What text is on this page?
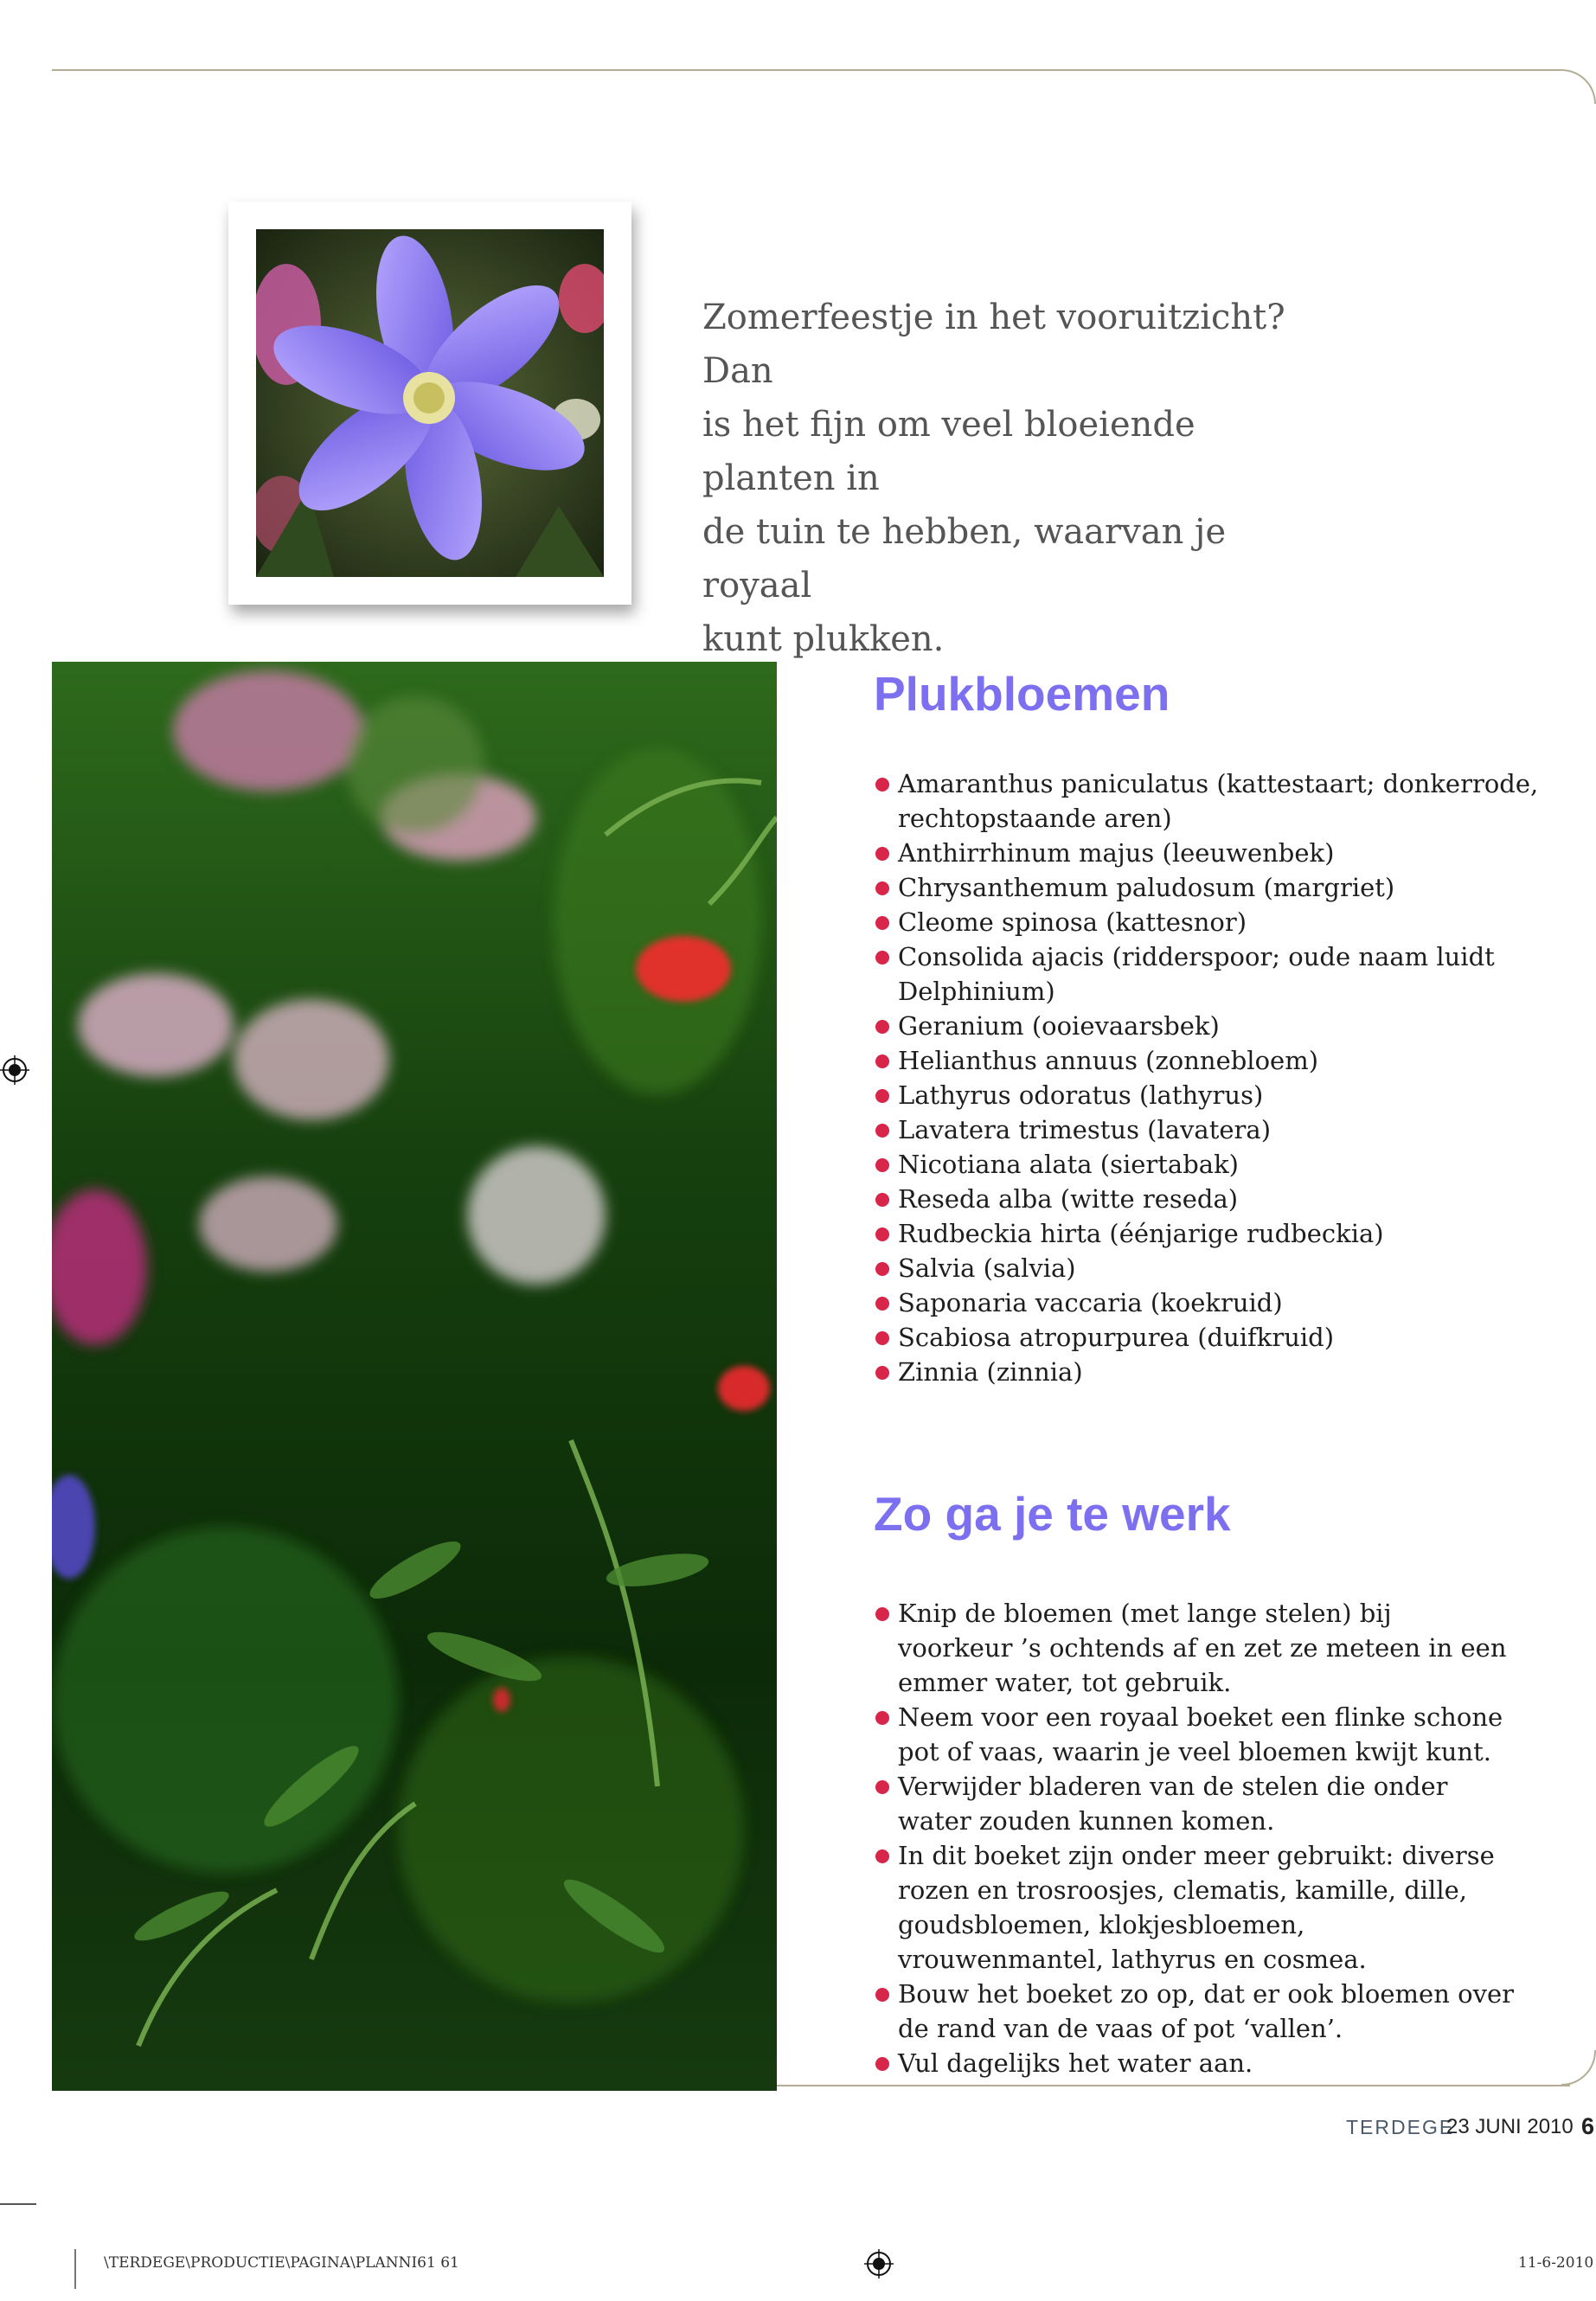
Zomerfeestje in het vooruitzicht? Dan
is het fijn om veel bloeiende planten in
de tuin te hebben, waarvan je royaal
kunt plukken.
Plukbloemen
Amaranthus paniculatus (kattestaart; donkerrode, rechtopstaande aren)
Anthirrhinum majus (leeuwenbek)
Chrysanthemum paludosum (margriet)
Cleome spinosa (kattesnor)
Consolida ajacis (ridderspoor; oude naam luidt Delphinium)
Geranium (ooievaarsbek)
Helianthus annuus (zonnebloem)
Lathyrus odoratus (lathyrus)
Lavatera trimestus (lavatera)
Nicotiana alata (siertabak)
Reseda alba (witte reseda)
Rudbeckia hirta (éénjarige rudbeckia)
Salvia (salvia)
Saponaria vaccaria (koekruid)
Scabiosa atropurpurea (duifkruid)
Zinnia (zinnia)
Zo ga je te werk
Knip de bloemen (met lange stelen) bij voorkeur ’s ochtends af en zet ze meteen in een emmer water, tot gebruik.
Neem voor een royaal boeket een flinke schone pot of vaas, waarin je veel bloemen kwijt kunt.
Verwijder bladeren van de stelen die onder water zouden kunnen komen.
In dit boeket zijn onder meer gebruikt: diverse rozen en trosroosjes, clematis, kamille, dille, goudsbloemen, klokjesbloemen, vrouwenmantel, lathyrus en cosmea.
Bouw het boeket zo op, dat er ook bloemen over de rand van de vaas of pot ‘vallen’.
Vul dagelijks het water aan.
TERDEGE
23 JUNI 2010 6
\TERDEGE\PRODUCTIE\PAGINA\PLANNI61 61	11-6-2010
